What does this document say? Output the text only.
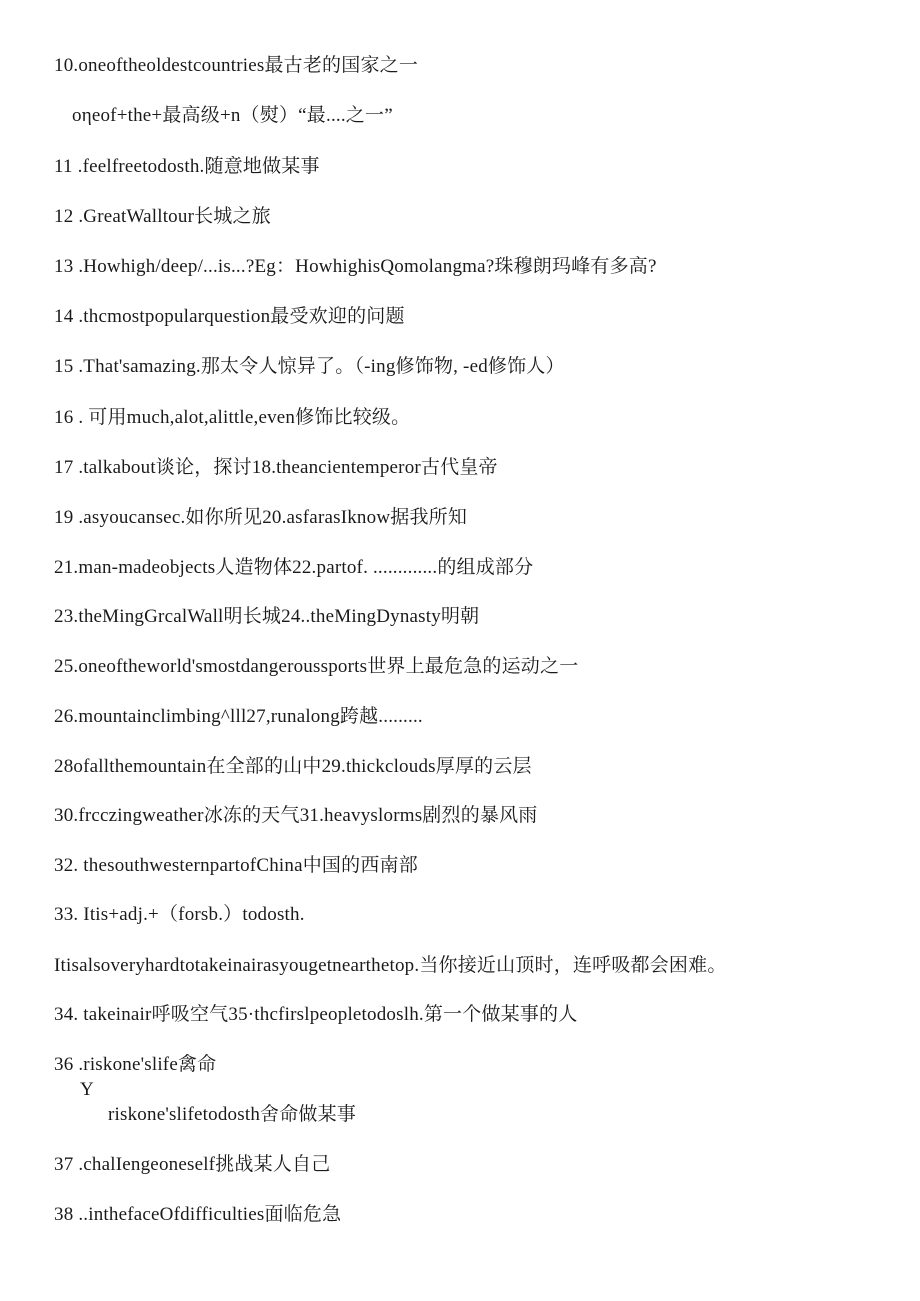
10.oneoftheoldestcountries最古老的国家之一
oηeof+the+最高级+n（熨）“最....之一”
11 .feelfreetodosth.随意地做某事
12 .GreatWalltour长城之旅
13 .Howhigh/deep/...is...?Eg：HowhighisQomolangma?珠穆朗玛峰有多高?
14 .thcmostpopularquestion最受欢迎的问题
15 .That'samazing.那太令人惊异了。（-ing修饰物, -ed修饰人）
16 . 可用much,alot,alittle,even修饰比较级。
17 .talkabout谈论，探讨18.theancientemperor古代皇帝
19 .asyoucansec.如你所见20.asfarasIknow据我所知
21.man-madeobjects人造物体22.partof. .............的组成部分
23.theMingGrcalWall明长城24..theMingDynasty明朝
25.oneoftheworld'smostdangeroussports世界上最危急的运动之一
26.mountainclimbing^lll27,runalong跨越.........
28ofallthemountain在全部的山中29.thickclouds厚厚的云层
30.frcczingweather冰冻的天气31.heavyslorms剧烈的暴风雨
32. thesouthwesternpartofChina中国的西南部
33. Itis+adj.+（forsb.）todosth.
Itisalsoveryhardtotakeinairasyougetnearthetop.当你接近山顶时，连呼吸都会困难。
34. takeinair呼吸空气35·thcfirslpeopletodoslh.第一个做某事的人
36 .riskone'slife禽命
Y
riskone'slifetodosth舍命做某事
37 .chalIengeoneself挑战某人自己
38 ..inthefaceOfdifficulties面临危急
